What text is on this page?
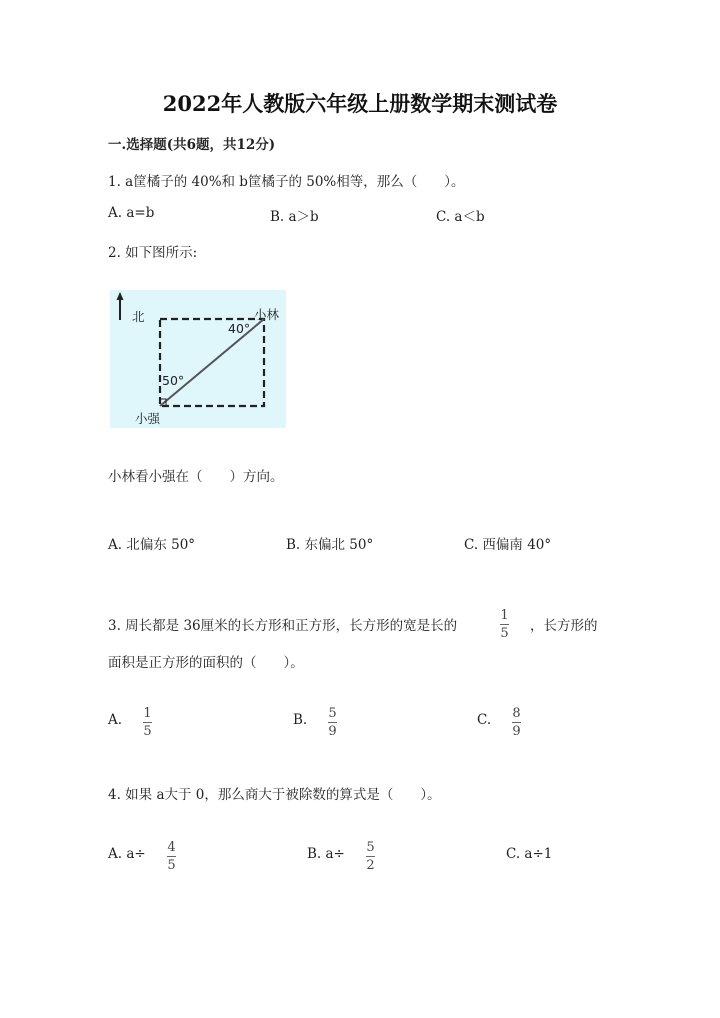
2022年人教版六年级上册数学期末测试卷
一.选择题(共6题，共12分)
1. a筐橘子的 40%和 b筐橘子的 50%相等，那么（　　）。
A. a=b	B. a＞b	C. a＜b
2. 如下图所示:
北	小林
40°
50°
小强
小林看小强在（　　）方向。
A. 北偏东 50°	B. 东偏北 50°	C. 西偏南 40°
3. 周长都是 36厘米的长方形和正方形，长方形的宽是长的	$\frac{1}{5}$ ，长方形的
面积是正方形的面积的（　　）。
A. $\frac{1}{5}$	B. $\frac{5}{9}$	C. $\frac{8}{9}$
4. 如果 a大于 0，那么商大于被除数的算式是（　　）。
A. $a\div \frac{4}{5}$	B. $a\div \frac{5}{2}$	C. a÷1
